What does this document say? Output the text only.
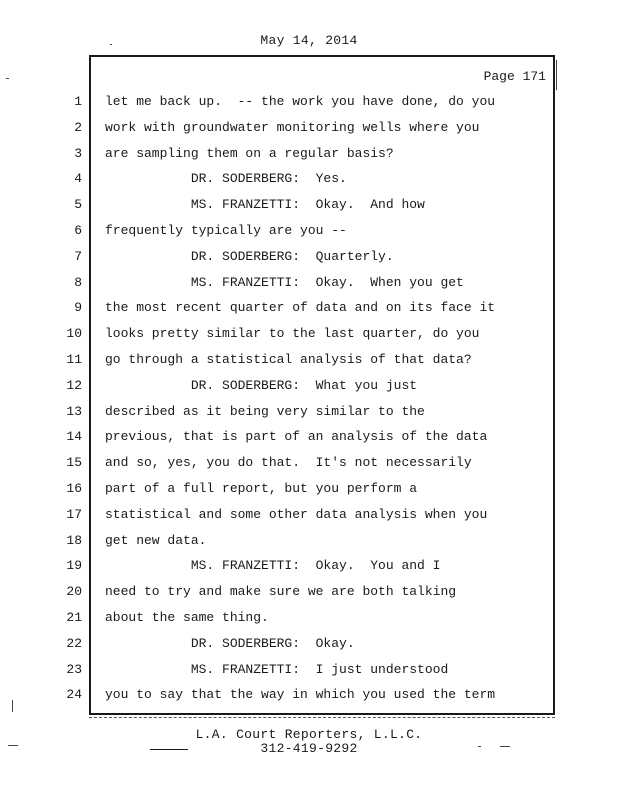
May 14, 2014
Page 171
1
2
3
4
5
6
7
8
9
10
11
12
13
14
15
16
17
18
19
20
21
22
23
24
let me back up.  -- the work you have done, do you
work with groundwater monitoring wells where you
are sampling them on a regular basis?
DR. SODERBERG:  Yes.
MS. FRANZETTI:  Okay.  And how
frequently typically are you --
DR. SODERBERG:  Quarterly.
MS. FRANZETTI:  Okay.  When you get
the most recent quarter of data and on its face it
looks pretty similar to the last quarter, do you
go through a statistical analysis of that data?
DR. SODERBERG:  What you just
described as it being very similar to the
previous, that is part of an analysis of the data
and so, yes, you do that.  It's not necessarily
part of a full report, but you perform a
statistical and some other data analysis when you
get new data.
MS. FRANZETTI:  Okay.  You and I
need to try and make sure we are both talking
about the same thing.
DR. SODERBERG:  Okay.
MS. FRANZETTI:  I just understood
you to say that the way in which you used the term
L.A. Court Reporters, L.L.C.
312-419-9292
